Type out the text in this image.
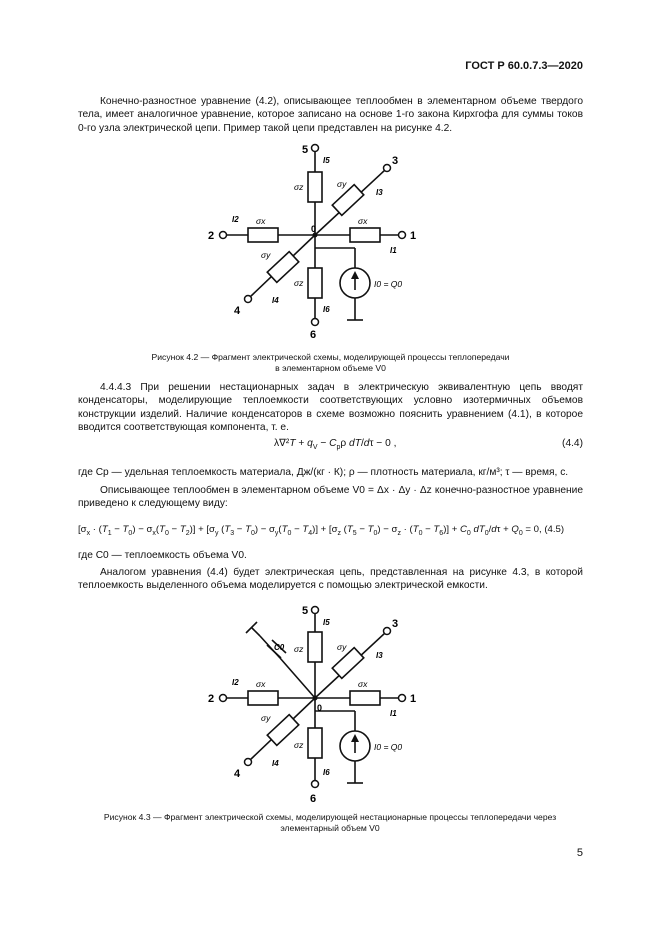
ГОСТ Р 60.0.7.3—2020

Конечно-разностное уравнение (4.2), описывающее теплообмен в элементарном объеме твердого тела, имеет аналогичное уравнение, которое записано на основе 1-го закона Кирхгофа для суммы токов 0-го узла электрической цепи. Пример такой цепи представлен на рисунке 4.2.

5
6
2	1
3
4
0
I5
I6
I2
I1
I3
I4
σz
σz
σx	σx
σy
σy
I0 = Q0
Рисунок 4.2 — Фрагмент электрической схемы, моделирующей процессы теплопередачи
в элементарном объеме V0

4.4.4.3 При решении нестационарных задач в электрическую эквивалентную цепь вводят конденсаторы, моделирующие теплоемкости соответствующих условно изотермичных объемов конструкции изделий. Наличие конденсаторов в схеме возможно пояснить уравнением (4.1), в которое вводится соответствующая компонента, т. е.

$\lambda\nabla^2T + q_V - C_р\rho$ dT/dτ − 0 ,	(4.4)

где Cр — удельная теплоемкость материала, Дж/(кг · К); ρ — плотность материала, кг/м³; τ — время, с.

Описывающее теплообмен в элементарном объеме V0 = Δx · Δy · Δz конечно-разностное уравнение приведено к следующему виду:

$[\sigma_x \cdot (T_1 - T_0) - \sigma_x(T_0 - T_2)] + [\sigma_y$ $(T_3 - T_0) - \sigma_y(T_0 - T_4)] + [\sigma_z$ $(T_5 - T_0) - \sigma_z \cdot (T_0 - T_6)] + C_0$ $dT_0/d\tau + Q_0 = 0$, (4.5)

где C0 — теплоемкость объема V0.

Аналогом уравнения (4.4) будет электрическая цепь, представленная на рисунке 4.3, в которой теплоемкость выделенного объема моделируется с помощью электрической емкости.

5
6
2	1
3
4
0
I5
I6
I2
I1
I3
I4
C0 σz
σz
σx	σx
σy
σy
I0 = Q0
Рисунок 4.3 — Фрагмент электрической схемы, моделирующей нестационарные процессы теплопередачи через
элементарный объем V0
5
